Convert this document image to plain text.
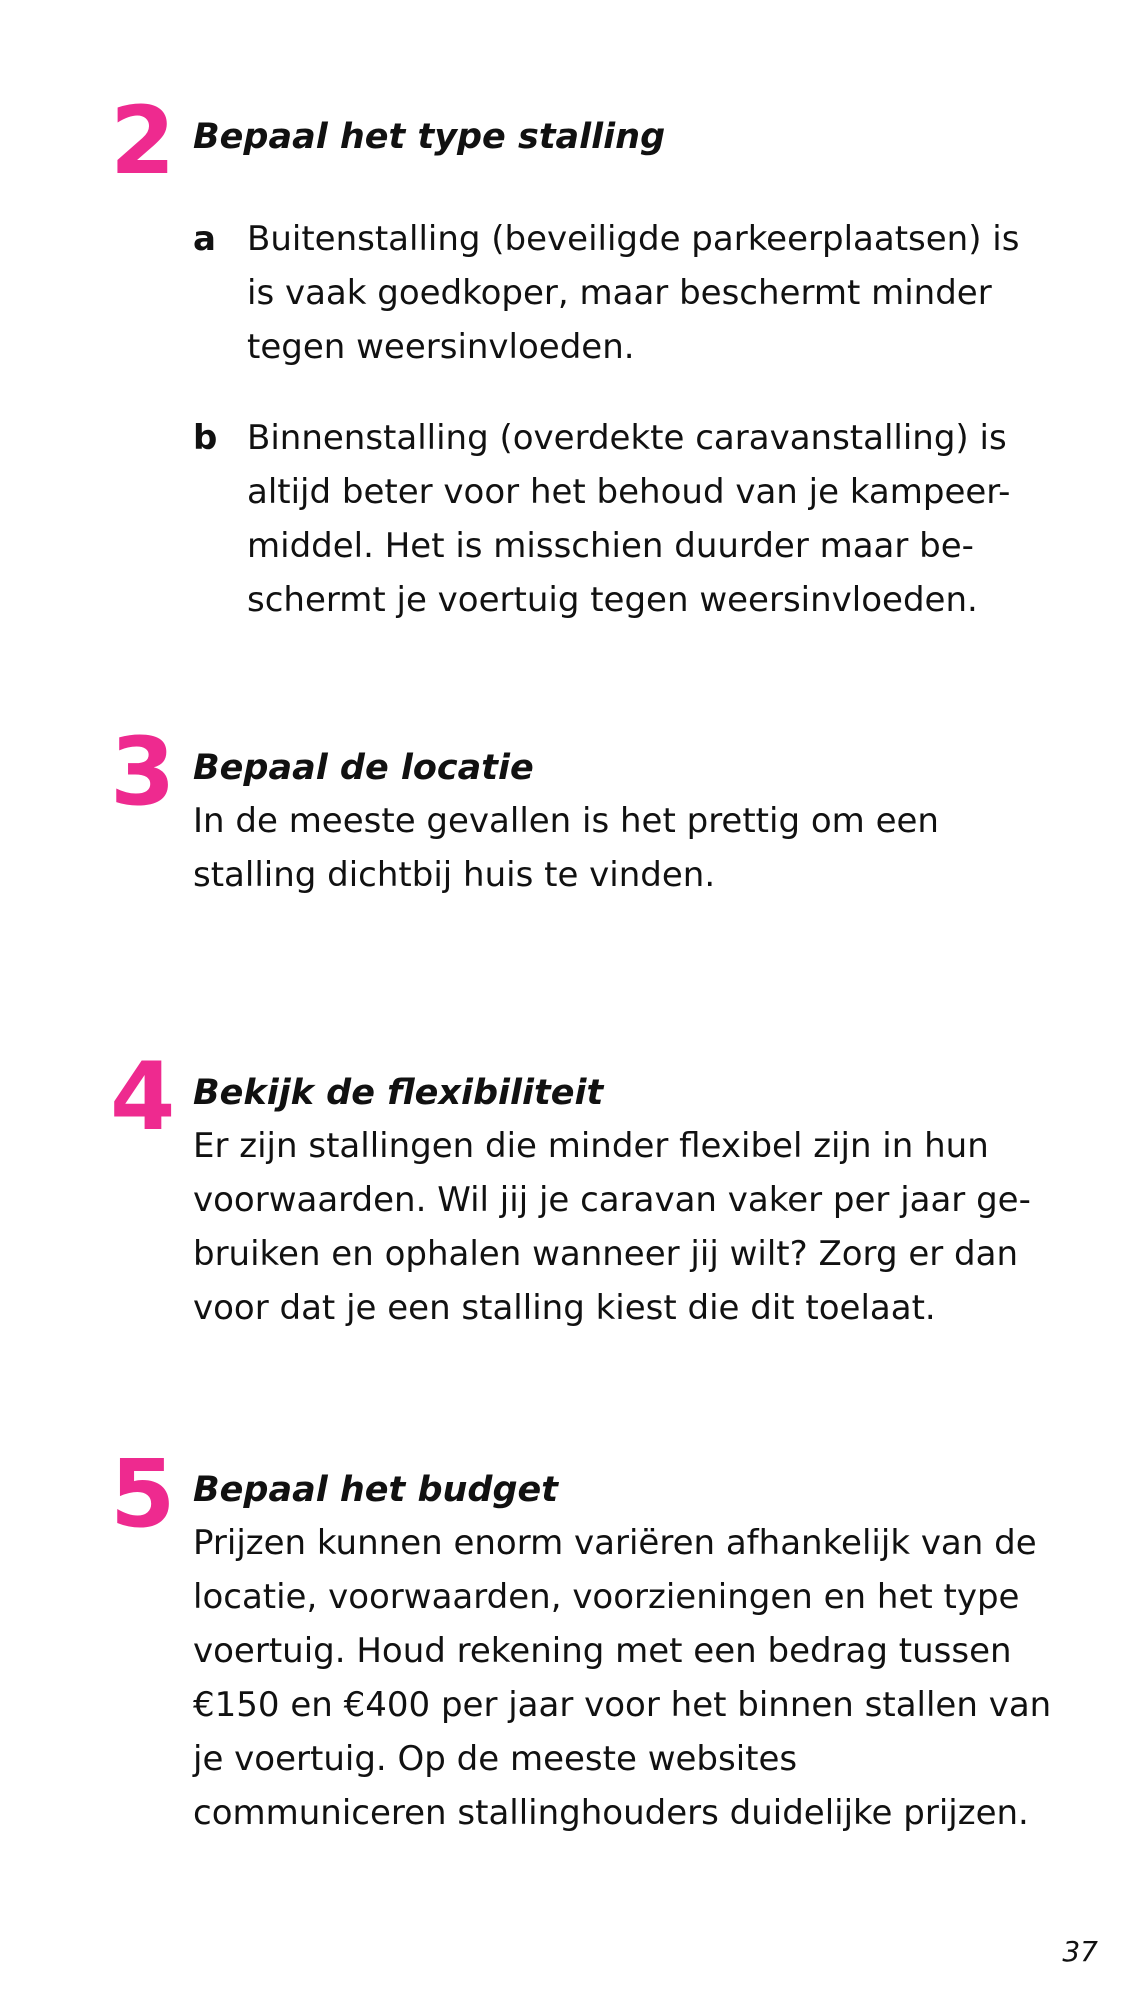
2 Bepaal het type stalling
a Buitenstalling (beveiligde parkeerplaatsen) is is vaak goedkoper, maar beschermt minder tegen weersinvloeden.

b Binnenstalling (overdekte caravanstalling) is altijd beter voor het behoud van je kampeer-middel. Het is misschien duurder maar be-schermt je voertuig tegen weersinvloeden.

3 Bepaal de locatie

In de meeste gevallen is het prettig om een stalling dichtbij huis te vinden.

4 Bekijk de flexibiliteit

Er zijn stallingen die minder flexibel zijn in hun voorwaarden. Wil jij je caravan vaker per jaar ge-bruiken en ophalen wanneer jij wilt? Zorg er dan voor dat je een stalling kiest die dit toelaat.

5 Bepaal het budget

Prijzen kunnen enorm variëren afhankelijk van de locatie, voorwaarden, voorzieningen en het type voertuig. Houd rekening met een bedrag tussen €150 en €400 per jaar voor het binnen stallen van je voertuig. Op de meeste websites communiceren stallinghouders duidelijke prijzen.

37
